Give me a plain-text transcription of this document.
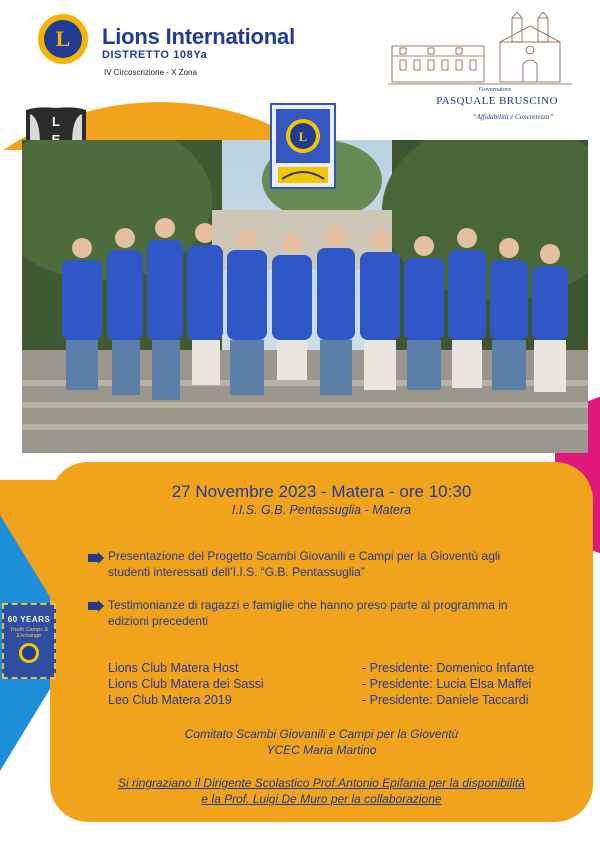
L	Lions International
DISTRETTO 108Ya
IV Circoscrizione - X Zona
Governatore
PASQUALE BRUSCINO
“Affidabilità e Concretezza”
L
L
27 Novembre 2023 - Matera - ore 10:30
I.I.S. G.B. Pentassuglia - Matera
Presentazione del Progetto Scambi Giovanili e Campi per la Gioventù agli
studenti interessati dell’I.I.S. “G.B. Pentassuglia”
Testimonianze di ragazzi e famiglie che hanno preso parte al programma in
edizioni precedenti
60 YEARS
Youth Camps & Exchange
Lions Club Matera Host
Lions Club Matera dei Sassi
Leo Club Matera 2019
- Presidente: Domenico Infante
- Presidente: Lucia Elsa Maffei
- Presidente: Daniele Taccardi
Comitato Scambi Giovanili e Campi per la Gioventù
YCEC Maria Martino
Si ringraziano il Dirigente Scolastico Prof.Antonio Epifania per la disponibilità
e la Prof. Luigi De Muro per la collaborazione
